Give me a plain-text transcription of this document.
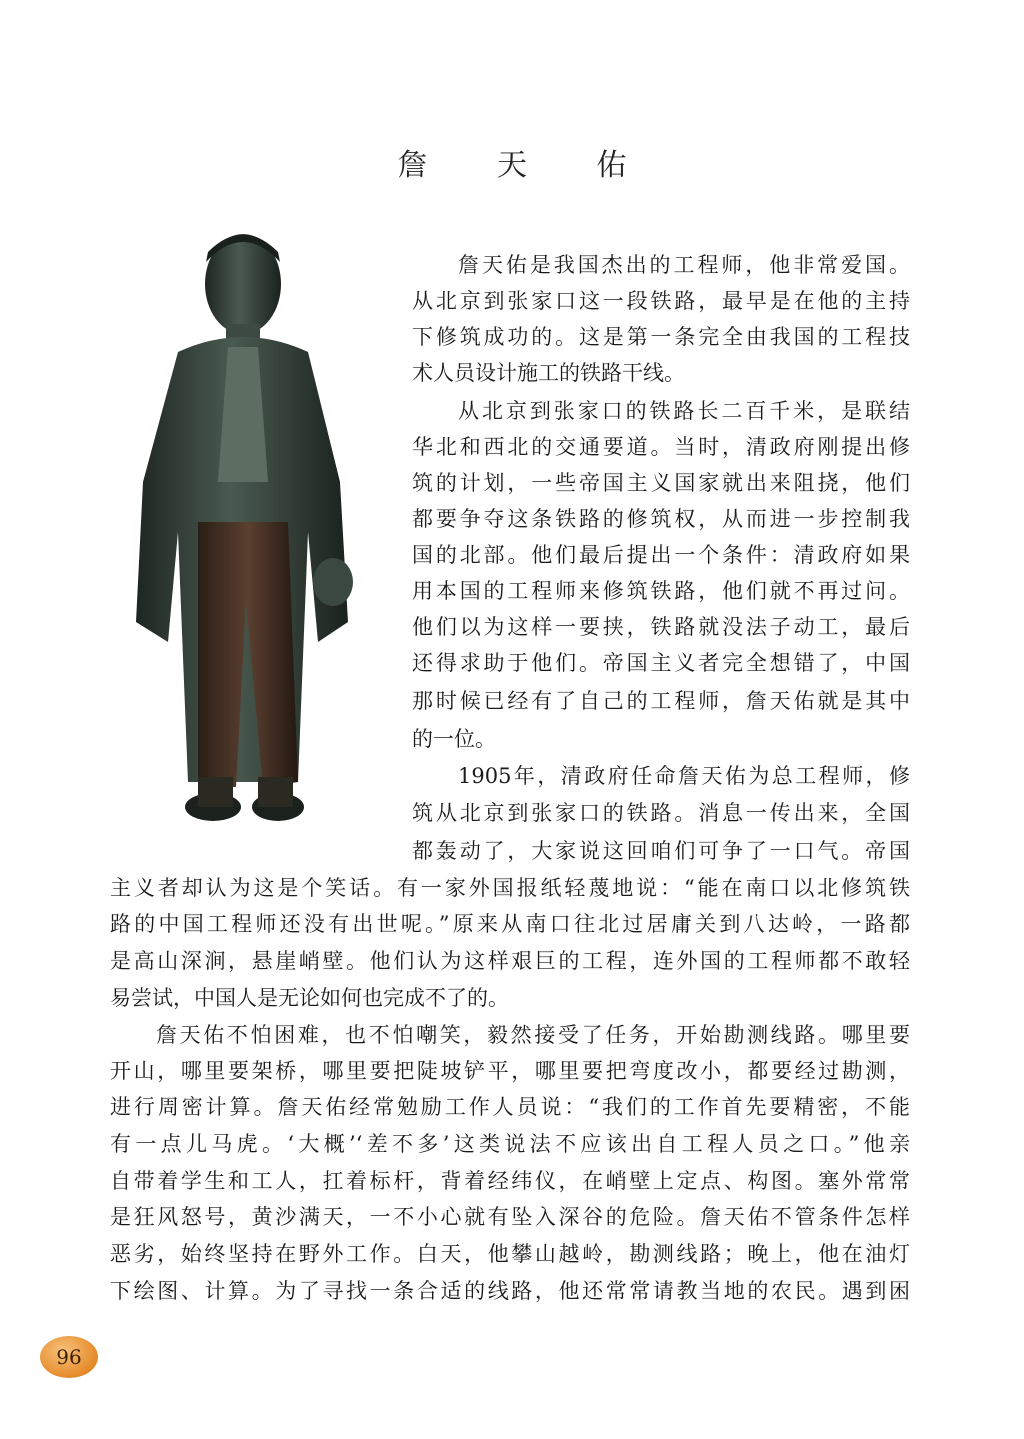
詹 天 佑
詹天佑是我国杰出的工程师，他非常爱国。
从北京到张家口这一段铁路，最早是在他的主持
下修筑成功的。这是第一条完全由我国的工程技
术人员设计施工的铁路干线。
从北京到张家口的铁路长二百千米，是联结
华北和西北的交通要道。当时，清政府刚提出修
筑的计划，一些帝国主义国家就出来阻挠，他们
都要争夺这条铁路的修筑权，从而进一步控制我
国的北部。他们最后提出一个条件：清政府如果
用本国的工程师来修筑铁路，他们就不再过问。
他们以为这样一要挟，铁路就没法子动工，最后
还得求助于他们。帝国主义者完全想错了，中国
那时候已经有了自己的工程师，詹天佑就是其中
的一位。
1905年，清政府任命詹天佑为总工程师，修
筑从北京到张家口的铁路。消息一传出来，全国
都轰动了，大家说这回咱们可争了一口气。帝国
主义者却认为这是个笑话。有一家外国报纸轻蔑地说：“能在南口以北修筑铁
路的中国工程师还没有出世呢。”原来从南口往北过居庸关到八达岭，一路都
是高山深涧，悬崖峭壁。他们认为这样艰巨的工程，连外国的工程师都不敢轻
易尝试，中国人是无论如何也完成不了的。
詹天佑不怕困难，也不怕嘲笑，毅然接受了任务，开始勘测线路。哪里要
开山，哪里要架桥，哪里要把陡坡铲平，哪里要把弯度改小，都要经过勘测，
进行周密计算。詹天佑经常勉励工作人员说：“我们的工作首先要精密，不能
有一点儿马虎。‘大概’‘差不多’这类说法不应该出自工程人员之口。”他亲
自带着学生和工人，扛着标杆，背着经纬仪，在峭壁上定点、构图。塞外常常
是狂风怒号，黄沙满天，一不小心就有坠入深谷的危险。詹天佑不管条件怎样
恶劣，始终坚持在野外工作。白天，他攀山越岭，勘测线路；晚上，他在油灯
下绘图、计算。为了寻找一条合适的线路，他还常常请教当地的农民。遇到困
96
